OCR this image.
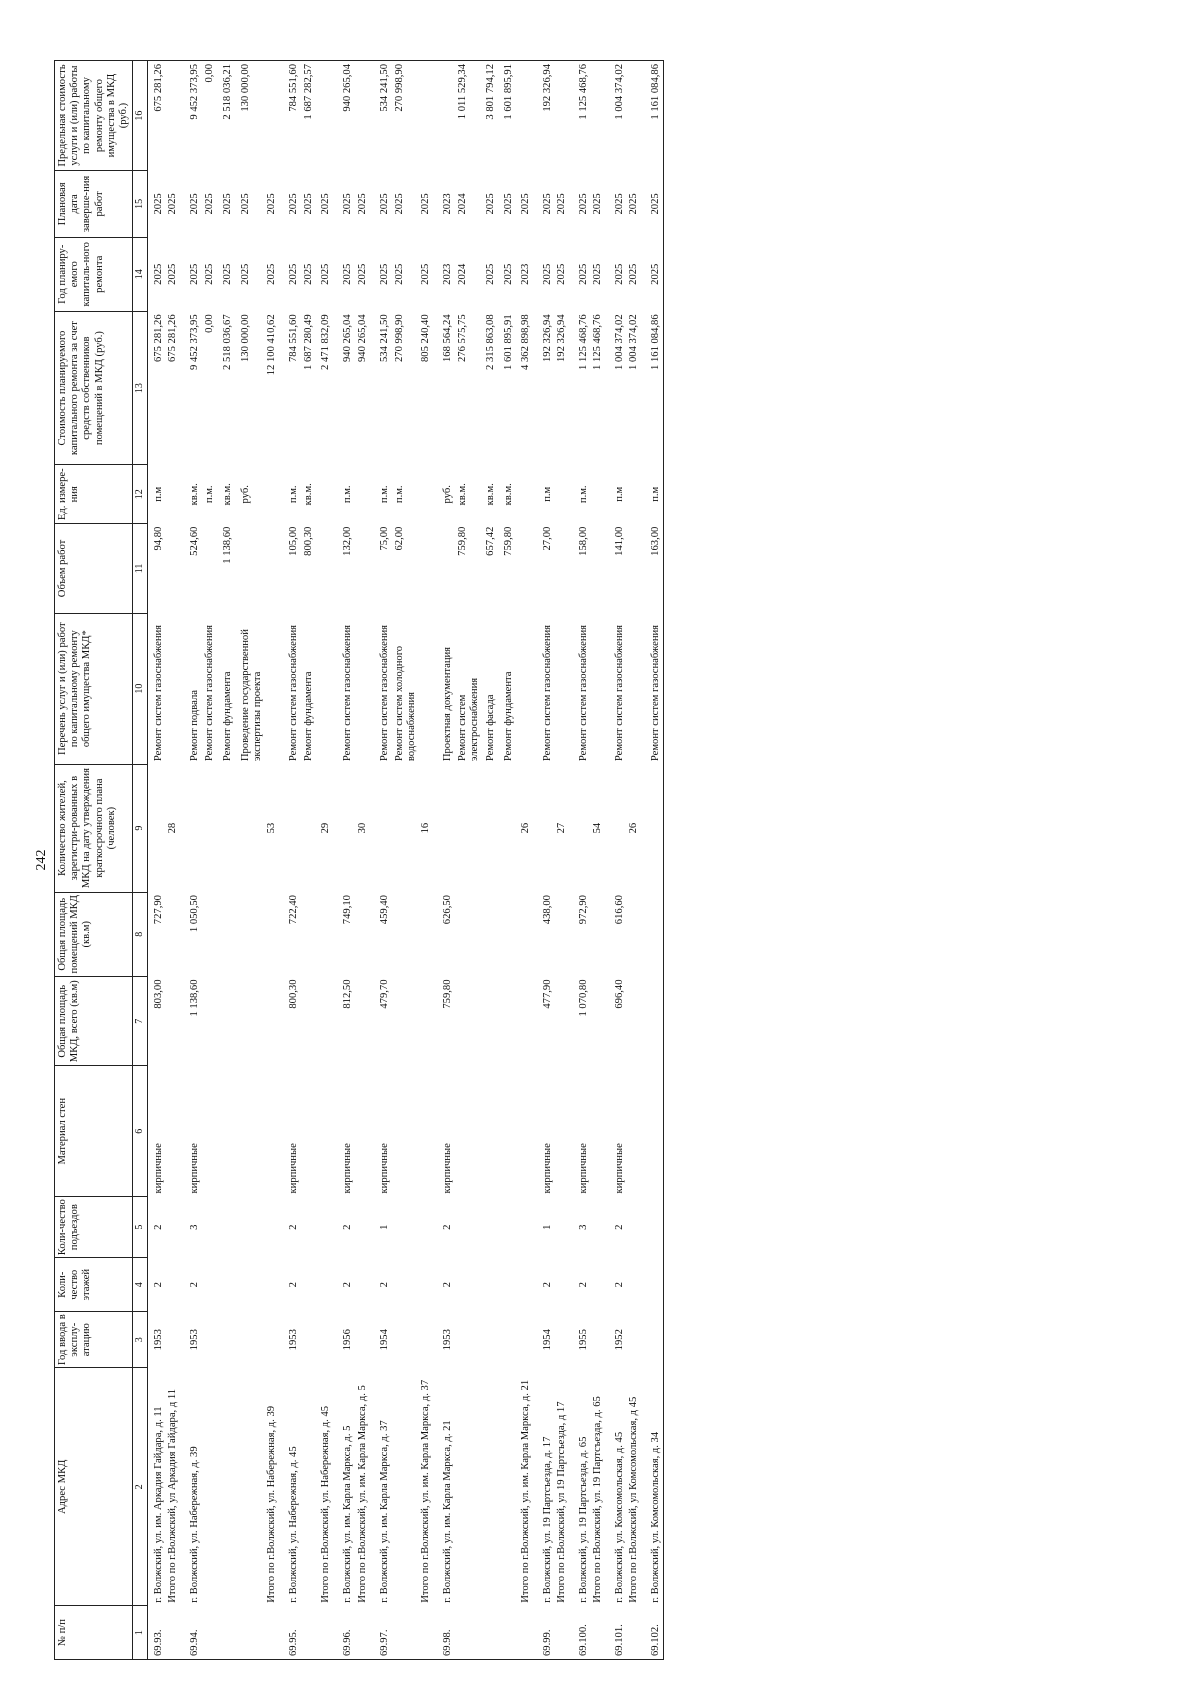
242
№ п/п	Адрес МКД	Год ввода в эксплу-атацию	Коли-чество этажей	Коли-чество подъездов	Материал стен	Общая площадь МКД, всего (кв.м)	Общая площадь помещений МКД (кв.м)	Количество жителей, зарегистри-рованных в МКД на дату утверждения краткосрочного плана (человек)	Перечень услуг и (или) работ по капитальному ремонту общего имущества МКД*	Объем работ	Ед. измере-ния	Стоимость планируемого капитального ремонта за счет средств собственников помещений в МКД (руб.)	Год планиру-емого капиталь-ного ремонта	Плановая дата заверше-ния работ	Предельная стоимость услуги и (или) работы по капитальному ремонту общего имущества в МКД (руб.)
1	2	3	4	5	6	7	8	9	10	11	12	13	14	15	16
69.93.	г. Волжский, ул. им. Аркадия Гайдара, д. 11	1953	2	2	кирпичные	803,00	727,90		Ремонт систем газоснабжения	94,80	п.м	675 281,26	2025	2025	675 281,26
	Итого по г.Волжский, ул Аркадия Гайдара, д 11							28				675 281,26	2025	2025	
69.94.	г. Волжский, ул. Набережная, д. 39	1953	2	3	кирпичные	1 138,60	1 050,50		Ремонт подвала	524,60	кв.м.	9 452 373,95	2025	2025	9 452 373,95
									Ремонт систем газоснабжения		п.м.	0,00	2025	2025	0,00
									Ремонт фундамента	1 138,60	кв.м.	2 518 036,67	2025	2025	2 518 036,21
									Проведение государственной экспертизы проекта		руб.	130 000,00	2025	2025	130 000,00
	Итого по г.Волжский, ул. Набережная, д. 39							53				12 100 410,62	2025	2025	
69.95.	г. Волжский, ул. Набережная, д. 45	1953	2	2	кирпичные	800,30	722,40		Ремонт систем газоснабжения	105,00	п.м.	784 551,60	2025	2025	784 551,60
									Ремонт фундамента	800,30	кв.м.	1 687 280,49	2025	2025	1 687 282,57
	Итого по г.Волжский, ул. Набережная, д. 45							29				2 471 832,09	2025	2025	
69.96.	г. Волжский, ул. им. Карла Маркса, д. 5	1956	2	2	кирпичные	812,50	749,10		Ремонт систем газоснабжения	132,00	п.м.	940 265,04	2025	2025	940 265,04
	Итого по г.Волжский, ул. им. Карла Маркса, д. 5							30				940 265,04	2025	2025	
69.97.	г. Волжский, ул. им. Карла Маркса, д. 37	1954	2	1	кирпичные	479,70	459,40		Ремонт систем газоснабжения	75,00	п.м.	534 241,50	2025	2025	534 241,50
									Ремонт систем холодного водоснабжения	62,00	п.м.	270 998,90	2025	2025	270 998,90
	Итого по г.Волжский, ул. им. Карла Маркса, д. 37							16				805 240,40	2025	2025	
69.98.	г. Волжский, ул. им. Карла Маркса, д. 21	1953	2	2	кирпичные	759,80	626,50		Проектная документация		руб.	168 564,24	2023	2023	
									Ремонт систем электроснабжения	759,80	кв.м.	276 575,75	2024	2024	1 011 529,34
									Ремонт фасада	657,42	кв.м.	2 315 863,08	2025	2025	3 801 794,12
									Ремонт фундамента	759,80	кв.м.	1 601 895,91	2025	2025	1 601 895,91
	Итого по г.Волжский, ул. им. Карла Маркса, д. 21							26				4 362 898,98	2023	2025	
69.99.	г. Волжский, ул. 19 Партсъезда, д. 17	1954	2	1	кирпичные	477,90	438,00		Ремонт систем газоснабжения	27,00	п.м	192 326,94	2025	2025	192 326,94
	Итого по г.Волжский, ул 19 Партсъезда, д 17							27				192 326,94	2025	2025	
69.100.	г. Волжский, ул. 19 Партсъезда, д. 65	1955	2	3	кирпичные	1 070,80	972,90		Ремонт систем газоснабжения	158,00	п.м.	1 125 468,76	2025	2025	1 125 468,76
	Итого по г.Волжский, ул. 19 Партсъезда, д. 65							54				1 125 468,76	2025	2025	
69.101.	г. Волжский, ул. Комсомольская, д. 45	1952	2	2	кирпичные	696,40	616,60		Ремонт систем газоснабжения	141,00	п.м	1 004 374,02	2025	2025	1 004 374,02
	Итого по г.Волжский, ул Комсомольская, д 45							26				1 004 374,02	2025	2025	
69.102.	г. Волжский, ул. Комсомольская, д. 34								Ремонт систем газоснабжения	163,00	п.м	1 161 084,86	2025	2025	1 161 084,86
